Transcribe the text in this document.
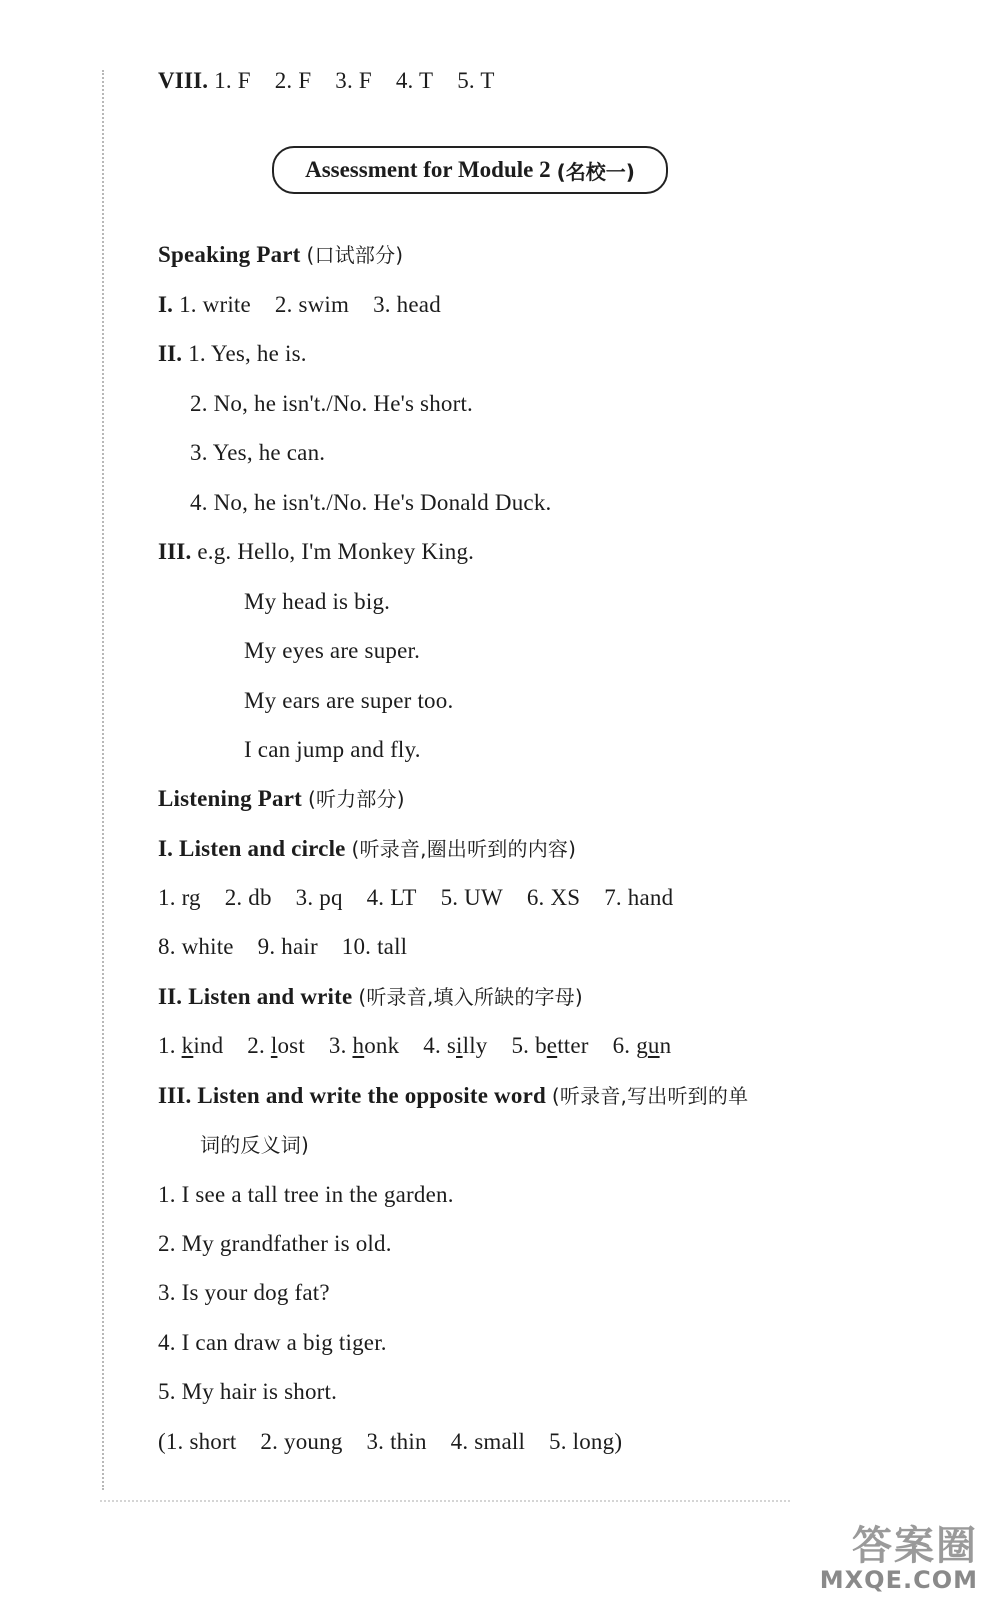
VIII. 1. F 2. F 3. F 4. T 5. T
Assessment for Module 2 (名校一)
Speaking Part (口试部分)
I. 1. write 2. swim 3. head
II. 1. Yes, he is.
2. No, he isn't./No. He's short.
3. Yes, he can.
4. No, he isn't./No. He's Donald Duck.
III. e.g. Hello, I'm Monkey King.
My head is big.
My eyes are super.
My ears are super too.
I can jump and fly.
Listening Part (听力部分)
I. Listen and circle (听录音,圈出听到的内容)
1. rg 2. db 3. pq 4. LT 5. UW 6. XS 7. hand
8. white 9. hair 10. tall
II. Listen and write (听录音,填入所缺的字母)
1. kind 2. lost 3. honk 4. silly 5. better 6. gun
III. Listen and write the opposite word (听录音,写出听到的单
词的反义词)
1. I see a tall tree in the garden.
2. My grandfather is old.
3. Is your dog fat?
4. I can draw a big tiger.
5. My hair is short.
(1. short 2. young 3. thin 4. small 5. long)
答案圈
MXQE.COM
